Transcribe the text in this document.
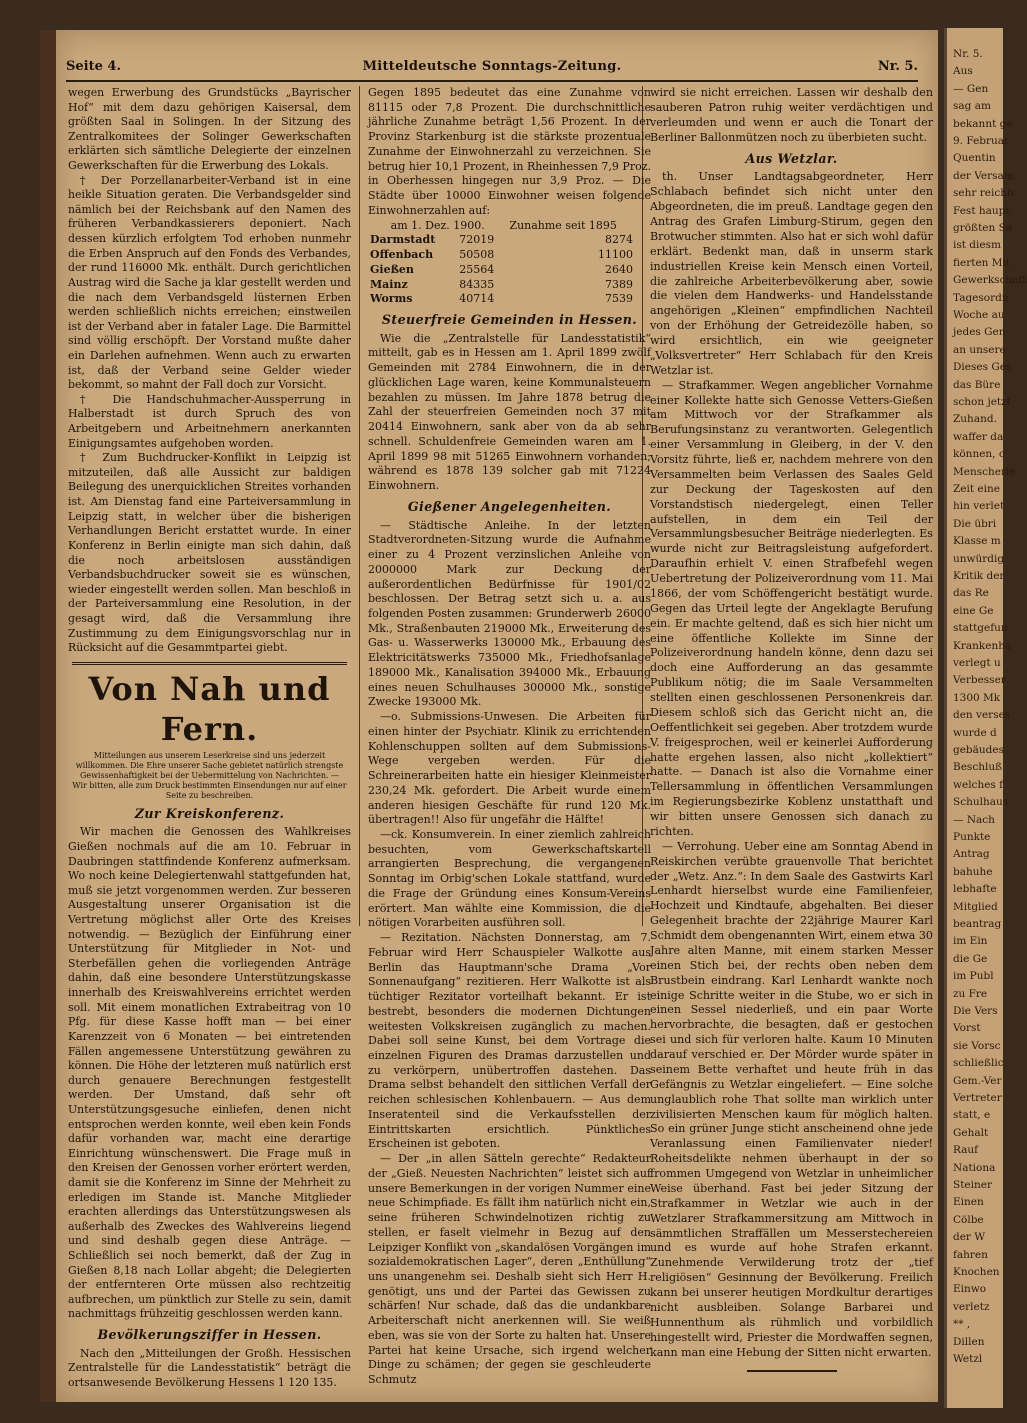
Nr. 5.
Aus
— Gen
sag am
bekannt ge
9. Februar
Quentin
der Versam
sehr reichb
Fest haupt
größten Sa
ist diesm
fierten Mit
Gewerkschaft
Tagesordn
Woche au
jedes Gen
an unsere
Dieses Ges
das Büre
schon jetzt
Zuhand.
waffer da
können, c
Menscherle
Zeit eine
hin verlet
Die übri
Klasse m
unwürdig
Kritik der
das Re
eine Ge
stattgefun
Krankenha
verlegt u
Verbesser
1300 Mk
den verses
wurde d
gebäudes
Beschluß
welches f
Schulhaus
— Nach
Punkte
Antrag
bahuhe
lebhafte
Mitglied
beantrag
im Ein
die Ge
im Publ
zu Fre
Die Vers
Vorst
sie Vorsc
schließlic
Gem.-Ver
Vertreter
statt, e
Gehalt
Rauf
Nationa
Steiner
Einen
Cölbe
der W
fahren
Knochen
Einwo
verletz
** ,
Dillen
Wetzl
Seite 4.	Mitteldeutsche Sonntags-Zeitung.	Nr. 5.

wegen Erwerbung des Grundstücks „Bayrischer Hof“ mit dem dazu gehörigen Kaisersal, dem größten Saal in Solingen. In der Sitzung des Zentralkomitees der Solinger Gewerkschaften erklärten sich sämtliche Delegierte der einzelnen Gewerkschaften für die Erwerbung des Lokals.

† Der Porzellanarbeiter-Verband ist in eine heikle Situation geraten. Die Verbandsgelder sind nämlich bei der Reichsbank auf den Namen des früheren Verbandkassierers deponiert. Nach dessen kürzlich erfolgtem Tod erhoben nunmehr die Erben Anspruch auf den Fonds des Verbandes, der rund 116000 Mk. enthält. Durch gerichtlichen Austrag wird die Sache ja klar gestellt werden und die nach dem Verbandsgeld lüsternen Erben werden schließlich nichts erreichen; einstweilen ist der Verband aber in fataler Lage. Die Barmittel sind völlig erschöpft. Der Vorstand mußte daher ein Darlehen aufnehmen. Wenn auch zu erwarten ist, daß der Verband seine Gelder wieder bekommt, so mahnt der Fall doch zur Vorsicht.

† Die Handschuhmacher-Aussperrung in Halberstadt ist durch Spruch des von Arbeitgebern und Arbeitnehmern anerkannten Einigungsamtes aufgehoben worden.

† Zum Buchdrucker-Konflikt in Leipzig ist mitzuteilen, daß alle Aussicht zur baldigen Beilegung des unerquicklichen Streites vorhanden ist. Am Dienstag fand eine Parteiversammlung in Leipzig statt, in welcher über die bisherigen Verhandlungen Bericht erstattet wurde. In einer Konferenz in Berlin einigte man sich dahin, daß die noch arbeitslosen ausständigen Verbandsbuchdrucker soweit sie es wünschen, wieder eingestellt werden sollen. Man beschloß in der Parteiversammlung eine Resolution, in der gesagt wird, daß die Versammlung ihre Zustimmung zu dem Einigungsvorschlag nur in Rücksicht auf die Gesammtpartei giebt.

Von Nah und Fern.
Mitteilungen aus unserem Leserkreise sind uns jederzeit willkommen. Die Ehre unserer Sache gebietet natürlich strengste Gewissenhaftigkeit bei der Uebermittelung von Nachrichten. — Wir bitten, alle zum Druck bestimmten Einsendungen nur auf einer Seite zu beschreiben.
Zur Kreiskonferenz.

Wir machen die Genossen des Wahlkreises Gießen nochmals auf die am 10. Februar in Daubringen stattfindende Konferenz aufmerksam. Wo noch keine Delegiertenwahl stattgefunden hat, muß sie jetzt vorgenommen werden. Zur besseren Ausgestaltung unserer Organisation ist die Vertretung möglichst aller Orte des Kreises notwendig. — Bezüglich der Einführung einer Unterstützung für Mitglieder in Not- und Sterbefällen gehen die vorliegenden Anträge dahin, daß eine besondere Unterstützungskasse innerhalb des Kreiswahlvereins errichtet werden soll. Mit einem monatlichen Extrabeitrag von 10 Pfg. für diese Kasse hofft man — bei einer Karenzzeit von 6 Monaten — bei eintretenden Fällen angemessene Unterstützung gewähren zu können. Die Höhe der letzteren muß natürlich erst durch genauere Berechnungen festgestellt werden. Der Umstand, daß sehr oft Unterstützungsgesuche einliefen, denen nicht entsprochen werden konnte, weil eben kein Fonds dafür vorhanden war, macht eine derartige Einrichtung wünschenswert. Die Frage muß in den Kreisen der Genossen vorher erörtert werden, damit sie die Konferenz im Sinne der Mehrheit zu erledigen im Stande ist. Manche Mitglieder erachten allerdings das Unterstützungswesen als außerhalb des Zweckes des Wahlvereins liegend und sind deshalb gegen diese Anträge. — Schließlich sei noch bemerkt, daß der Zug in Gießen 8,18 nach Lollar abgeht; die Delegierten der entfernteren Orte müssen also rechtzeitig aufbrechen, um pünktlich zur Stelle zu sein, damit nachmittags frühzeitig geschlossen werden kann.

Bevölkerungsziffer in Hessen.

Nach den „Mitteilungen der Großh. Hessischen Zentralstelle für die Landesstatistik“ beträgt die ortsanwesende Bevölkerung Hessens 1 120 135.

Gegen 1895 bedeutet das eine Zunahme von 81115 oder 7,8 Prozent. Die durchschnittliche jährliche Zunahme beträgt 1,56 Prozent. In der Provinz Starkenburg ist die stärkste prozentuale Zunahme der Einwohnerzahl zu verzeichnen. Sie betrug hier 10,1 Prozent, in Rheinhessen 7,9 Proz. in Oberhessen hingegen nur 3,9 Proz. — Die Städte über 10000 Einwohner weisen folgende Einwohnerzahlen auf:

am 1. Dez. 1900.		Zunahme seit 1895
Darmstadt	72019	8274
Offenbach	50508	11100
Gießen	25564	2640
Mainz	84335	7389
Worms	40714	7539
Steuerfreie Gemeinden in Hessen.

Wie die „Zentralstelle für Landesstatistik“ mitteilt, gab es in Hessen am 1. April 1899 zwölf Gemeinden mit 2784 Einwohnern, die in der glücklichen Lage waren, keine Kommunalsteuern bezahlen zu müssen. Im Jahre 1878 betrug die Zahl der steuerfreien Gemeinden noch 37 mit 20414 Einwohnern, sank aber von da ab sehr schnell. Schuldenfreie Gemeinden waren am 1. April 1899 98 mit 51265 Einwohnern vorhanden; während es 1878 139 solcher gab mit 71224 Einwohnern.

Gießener Angelegenheiten.

— Städtische Anleihe. In der letzten Stadtverordneten-Sitzung wurde die Aufnahme einer zu 4 Prozent verzinslichen Anleihe von 2000000 Mark zur Deckung der außerordentlichen Bedürfnisse für 1901/02 beschlossen. Der Betrag setzt sich u. a. aus folgenden Posten zusammen: Grunderwerb 26000 Mk., Straßenbauten 219000 Mk., Erweiterung des Gas- u. Wasserwerks 130000 Mk., Erbauung des Elektricitätswerks 735000 Mk., Friedhofsanlage 189000 Mk., Kanalisation 394000 Mk., Erbauung eines neuen Schulhauses 300000 Mk., sonstige Zwecke 193000 Mk.

—o. Submissions-Unwesen. Die Arbeiten für einen hinter der Psychiatr. Klinik zu errichtenden Kohlenschuppen sollten auf dem Submissions-Wege vergeben werden. Für die Schreinerarbeiten hatte ein hiesiger Kleinmeister 230,24 Mk. gefordert. Die Arbeit wurde einem anderen hiesigen Geschäfte für rund 120 Mk. übertragen!! Also für ungefähr die Hälfte!

—ck. Konsumverein. In einer ziemlich zahlreich besuchten, vom Gewerkschaftskartell arrangierten Besprechung, die vergangenen Sonntag im Orbig'schen Lokale stattfand, wurde die Frage der Gründung eines Konsum-Vereins erörtert. Man wählte eine Kommission, die die nötigen Vorarbeiten ausführen soll.

— Rezitation. Nächsten Donnerstag, am 7. Februar wird Herr Schauspieler Walkotte aus Berlin das Hauptmann'sche Drama „Vor Sonnenaufgang“ rezitieren. Herr Walkotte ist als tüchtiger Rezitator vorteilhaft bekannt. Er ist bestrebt, besonders die modernen Dichtungen weitesten Volkskreisen zugänglich zu machen. Dabei soll seine Kunst, bei dem Vortrage die einzelnen Figuren des Dramas darzustellen und zu verkörpern, unübertroffen dastehen. Das Drama selbst behandelt den sittlichen Verfall der reichen schlesischen Kohlenbauern. — Aus dem Inseratenteil sind die Verkaufsstellen der Eintrittskarten ersichtlich. Pünktliches Erscheinen ist geboten.

— Der „in allen Sätteln gerechte“ Redakteur der „Gieß. Neuesten Nachrichten“ leistet sich auf unsere Bemerkungen in der vorigen Nummer eine neue Schimpfiade. Es fällt ihm natürlich nicht ein, seine früheren Schwindelnotizen richtig zu stellen, er faselt vielmehr in Bezug auf den Leipziger Konflikt von „skandalösen Vorgängen im sozialdemokratischen Lager“, deren „Enthüllung“ uns unangenehm sei. Deshalb sieht sich Herr H. genötigt, uns und der Partei das Gewissen zu schärfen! Nur schade, daß das die undankbare Arbeiterschaft nicht anerkennen will. Sie weiß eben, was sie von der Sorte zu halten hat. Unsere Partei hat keine Ursache, sich irgend welcher Dinge zu schämen; der gegen sie geschleuderte Schmutz

wird sie nicht erreichen. Lassen wir deshalb den sauberen Patron ruhig weiter verdächtigen und verleumden und wenn er auch die Tonart der Berliner Ballonmützen noch zu überbieten sucht.

Aus Wetzlar.

th. Unser Landtagsabgeordneter, Herr Schlabach befindet sich nicht unter den Abgeordneten, die im preuß. Landtage gegen den Antrag des Grafen Limburg-Stirum, gegen den Brotwucher stimmten. Also hat er sich wohl dafür erklärt. Bedenkt man, daß in unserm stark industriellen Kreise kein Mensch einen Vorteil, die zahlreiche Arbeiterbevölkerung aber, sowie die vielen dem Handwerks- und Handelsstande angehörigen „Kleinen“ empfindlichen Nachteil von der Erhöhung der Getreidezölle haben, so wird ersichtlich, ein wie geeigneter „Volksvertreter“ Herr Schlabach für den Kreis Wetzlar ist.

— Strafkammer. Wegen angeblicher Vornahme einer Kollekte hatte sich Genosse Vetters-Gießen am Mittwoch vor der Strafkammer als Berufungsinstanz zu verantworten. Gelegentlich einer Versammlung in Gleiberg, in der V. den Vorsitz führte, ließ er, nachdem mehrere von den Versammelten beim Verlassen des Saales Geld zur Deckung der Tageskosten auf den Vorstandstisch niedergelegt, einen Teller aufstellen, in dem ein Teil der Versammlungsbesucher Beiträge niederlegten. Es wurde nicht zur Beitragsleistung aufgefordert. Daraufhin erhielt V. einen Strafbefehl wegen Uebertretung der Polizeiverordnung vom 11. Mai 1866, der vom Schöffengericht bestätigt wurde. Gegen das Urteil legte der Angeklagte Berufung ein. Er machte geltend, daß es sich hier nicht um eine öffentliche Kollekte im Sinne der Polizeiverordnung handeln könne, denn dazu sei doch eine Aufforderung an das gesammte Publikum nötig; die im Saale Versammelten stellten einen geschlossenen Personenkreis dar. Diesem schloß sich das Gericht nicht an, die Oeffentlichkeit sei gegeben. Aber trotzdem wurde V. freigesprochen, weil er keinerlei Aufforderung hatte ergehen lassen, also nicht „kollektiert“ hatte. — Danach ist also die Vornahme einer Tellersammlung in öffentlichen Versammlungen im Regierungsbezirke Koblenz unstatthaft und wir bitten unsere Genossen sich danach zu richten.

— Verrohung. Ueber eine am Sonntag Abend in Reiskirchen verübte grauenvolle That berichtet der „Wetz. Anz.“: In dem Saale des Gastwirts Karl Lenhardt hierselbst wurde eine Familienfeier, Hochzeit und Kindtaufe, abgehalten. Bei dieser Gelegenheit brachte der 22jährige Maurer Karl Schmidt dem obengenannten Wirt, einem etwa 30 Jahre alten Manne, mit einem starken Messer einen Stich bei, der rechts oben neben dem Brustbein eindrang. Karl Lenhardt wankte noch einige Schritte weiter in die Stube, wo er sich in einen Sessel niederließ, und ein paar Worte hervorbrachte, die besagten, daß er gestochen sei und sich für verloren halte. Kaum 10 Minuten darauf verschied er. Der Mörder wurde später in seinem Bette verhaftet und heute früh in das Gefängnis zu Wetzlar eingeliefert. — Eine solche unglaublich rohe That sollte man wirklich unter zivilisierten Menschen kaum für möglich halten. So ein grüner Junge sticht anscheinend ohne jede Veranlassung einen Familienvater nieder! Roheitsdelikte nehmen überhaupt in der so frommen Umgegend von Wetzlar in unheimlicher Weise überhand. Fast bei jeder Sitzung der Strafkammer in Wetzlar wie auch in der Wetzlarer Strafkammersitzung am Mittwoch in sämmtlichen Straffällen um Messerstechereien und es wurde auf hohe Strafen erkannt. Zunehmende Verwilderung trotz der „tief religiösen“ Gesinnung der Bevölkerung. Freilich kann bei unserer heutigen Mordkultur derartiges nicht ausbleiben. Solange Barbarei und Hunnenthum als rühmlich und vorbildlich hingestellt wird, Priester die Mordwaffen segnen, kann man eine Hebung der Sitten nicht erwarten.
